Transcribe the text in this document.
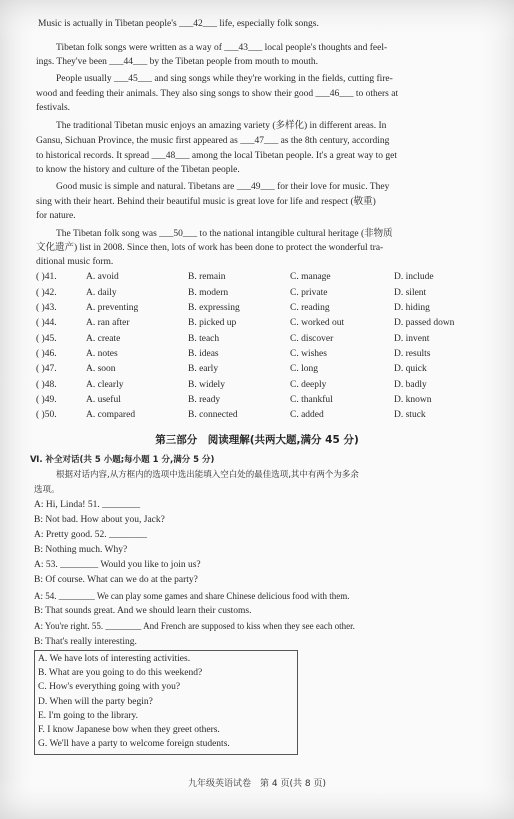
Music is actually in Tibetan people's ___42___ life, especially folk songs.
Tibetan folk songs were written as a way of ___43___ local people's thoughts and feel-
ings. They've been ___44___ by the Tibetan people from mouth to mouth.
People usually ___45___ and sing songs while they're working in the fields, cutting fire-
wood and feeding their animals. They also sing songs to show their good ___46___ to others at
festivals.
The traditional Tibetan music enjoys an amazing variety (多样化) in different areas. In
Gansu, Sichuan Province, the music first appeared as ___47___ as the 8th century, according
to historical records. It spread ___48___ among the local Tibetan people. It's a great way to get
to know the history and culture of the Tibetan people.
Good music is simple and natural. Tibetans are ___49___ for their love for music. They
sing with their heart. Behind their beautiful music is great love for life and respect (敬重)
for nature.
The Tibetan folk song was ___50___ to the national intangible cultural heritage (非物质
文化遗产) list in 2008. Since then, lots of work has been done to protect the wonderful tra-
ditional music form.
( )41.	A. avoid	B. remain	C. manage	D. include
( )42.	A. daily	B. modern	C. private	D. silent
( )43.	A. preventing	B. expressing	C. reading	D. hiding
( )44.	A. ran after	B. picked up	C. worked out	D. passed down
( )45.	A. create	B. teach	C. discover	D. invent
( )46.	A. notes	B. ideas	C. wishes	D. results
( )47.	A. soon	B. early	C. long	D. quick
( )48.	A. clearly	B. widely	C. deeply	D. badly
( )49.	A. useful	B. ready	C. thankful	D. known
( )50.	A. compared	B. connected	C. added	D. stuck
第三部分　阅读理解(共两大题,满分 45 分)
Ⅵ. 补全对话(共 5 小题;每小题 1 分,满分 5 分)
根据对话内容,从方框内的选项中选出能填入空白处的最佳选项,其中有两个为多余
选项。
A: Hi, Linda! 51. ________
B: Not bad. How about you, Jack?
A: Pretty good. 52. ________
B: Nothing much. Why?
A: 53. ________ Would you like to join us?
B: Of course. What can we do at the party?
A: 54. ________ We can play some games and share Chinese delicious food with them.
B: That sounds great. And we should learn their customs.
A: You're right. 55. ________ And French are supposed to kiss when they see each other.
B: That's really interesting.
A. We have lots of interesting activities.
B. What are you going to do this weekend?
C. How's everything going with you?
D. When will the party begin?
E. I'm going to the library.
F. I know Japanese bow when they greet others.
G. We'll have a party to welcome foreign students.
九年级英语试卷　第 4 页(共 8 页)
